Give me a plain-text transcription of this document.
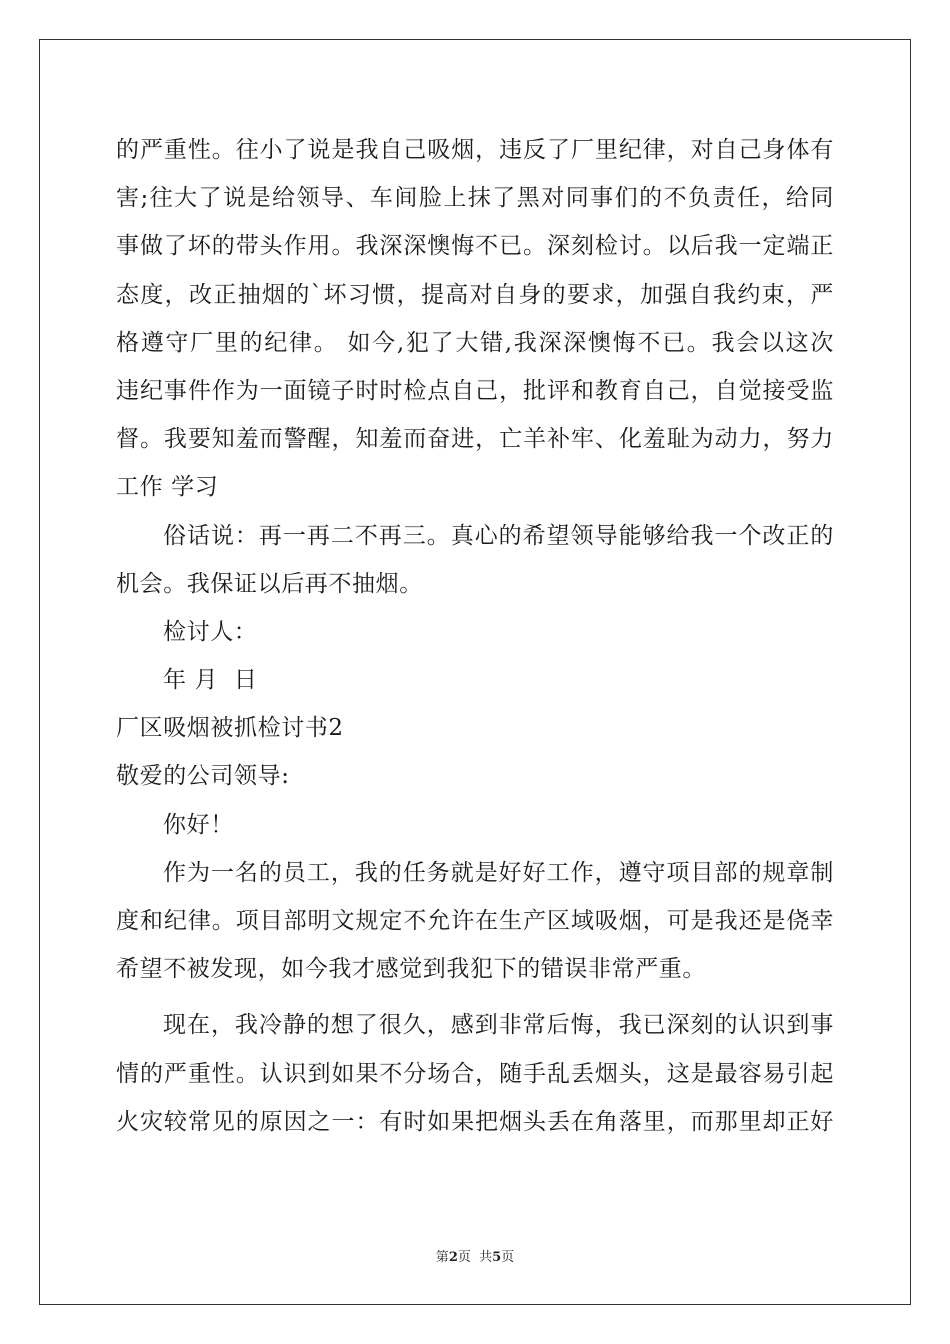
的严重性。往小了说是我自己吸烟，违反了厂里纪律，对自己身体有
害;往大了说是给领导、车间脸上抹了黑对同事们的不负责任，给同
事做了坏的带头作用。我深深懊悔不已。深刻检讨。以后我一定端正
态度，改正抽烟的`坏习惯，提高对自身的要求，加强自我约束，严
格遵守厂里的纪律。 如今,犯了大错,我深深懊悔不已。我会以这次
违纪事件作为一面镜子时时检点自己，批评和教育自己，自觉接受监
督。我要知羞而警醒，知羞而奋进，亡羊补牢、化羞耻为动力，努力
工作 学习
俗话说：再一再二不再三。真心的希望领导能够给我一个改正的
机会。我保证以后再不抽烟。
检讨人：
年 月  日
厂区吸烟被抓检讨书2
敬爱的公司领导:
你好！
作为一名的员工，我的任务就是好好工作，遵守项目部的规章制
度和纪律。项目部明文规定不允许在生产区域吸烟，可是我还是侥幸
希望不被发现，如今我才感觉到我犯下的错误非常严重。
现在，我冷静的想了很久，感到非常后悔，我已深刻的认识到事
情的严重性。认识到如果不分场合，随手乱丢烟头，这是最容易引起
火灾较常见的原因之一：有时如果把烟头丢在角落里，而那里却正好
第2页  共5页
